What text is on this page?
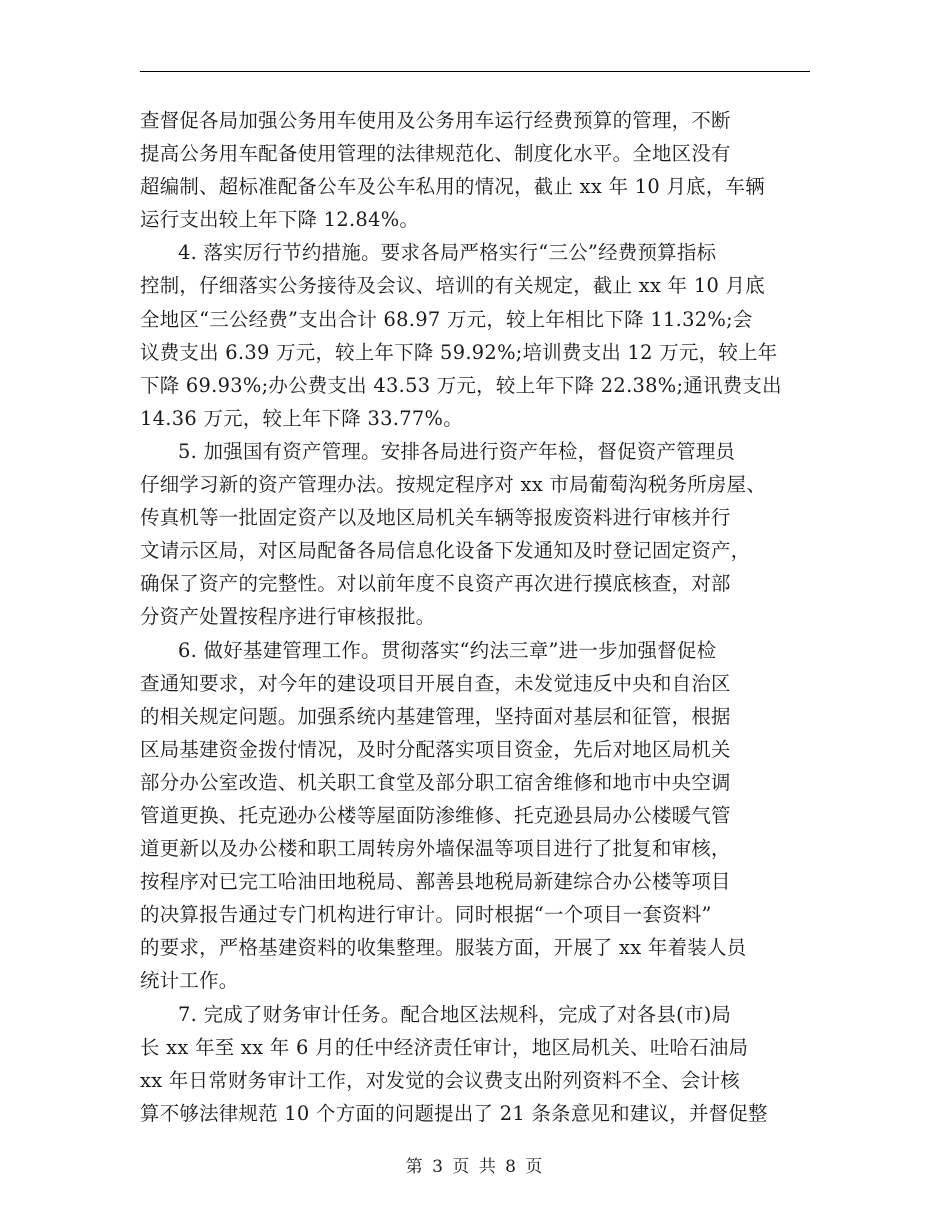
查督促各局加强公务用车使用及公务用车运行经费预算的管理，不断
提高公务用车配备使用管理的法律规范化、制度化水平。全地区没有
超编制、超标准配备公车及公车私用的情况，截止 xx 年 10 月底，车辆
运行支出较上年下降 12.84%。
4. 落实厉行节约措施。要求各局严格实行“三公”经费预算指标
控制，仔细落实公务接待及会议、培训的有关规定，截止 xx 年 10 月底
全地区“三公经费”支出合计 68.97 万元，较上年相比下降 11.32%;会
议费支出 6.39 万元，较上年下降 59.92%;培训费支出 12 万元，较上年
下降 69.93%;办公费支出 43.53 万元，较上年下降 22.38%;通讯费支出
14.36 万元，较上年下降 33.77%。
5. 加强国有资产管理。安排各局进行资产年检，督促资产管理员
仔细学习新的资产管理办法。按规定程序对 xx 市局葡萄沟税务所房屋、
传真机等一批固定资产以及地区局机关车辆等报废资料进行审核并行
文请示区局，对区局配备各局信息化设备下发通知及时登记固定资产，
确保了资产的完整性。对以前年度不良资产再次进行摸底核查，对部
分资产处置按程序进行审核报批。
6. 做好基建管理工作。贯彻落实“约法三章”进一步加强督促检
查通知要求，对今年的建设项目开展自查，未发觉违反中央和自治区
的相关规定问题。加强系统内基建管理，坚持面对基层和征管，根据
区局基建资金拨付情况，及时分配落实项目资金，先后对地区局机关
部分办公室改造、机关职工食堂及部分职工宿舍维修和地市中央空调
管道更换、托克逊办公楼等屋面防渗维修、托克逊县局办公楼暖气管
道更新以及办公楼和职工周转房外墙保温等项目进行了批复和审核，
按程序对已完工哈油田地税局、鄯善县地税局新建综合办公楼等项目
的决算报告通过专门机构进行审计。同时根据“一个项目一套资料”
的要求，严格基建资料的收集整理。服装方面，开展了 xx 年着装人员
统计工作。
7. 完成了财务审计任务。配合地区法规科，完成了对各县(市)局
长 xx 年至 xx 年 6 月的任中经济责任审计，地区局机关、吐哈石油局
xx 年日常财务审计工作，对发觉的会议费支出附列资料不全、会计核
算不够法律规范 10 个方面的问题提出了 21 条条意见和建议，并督促整
第 3 页 共 8 页
